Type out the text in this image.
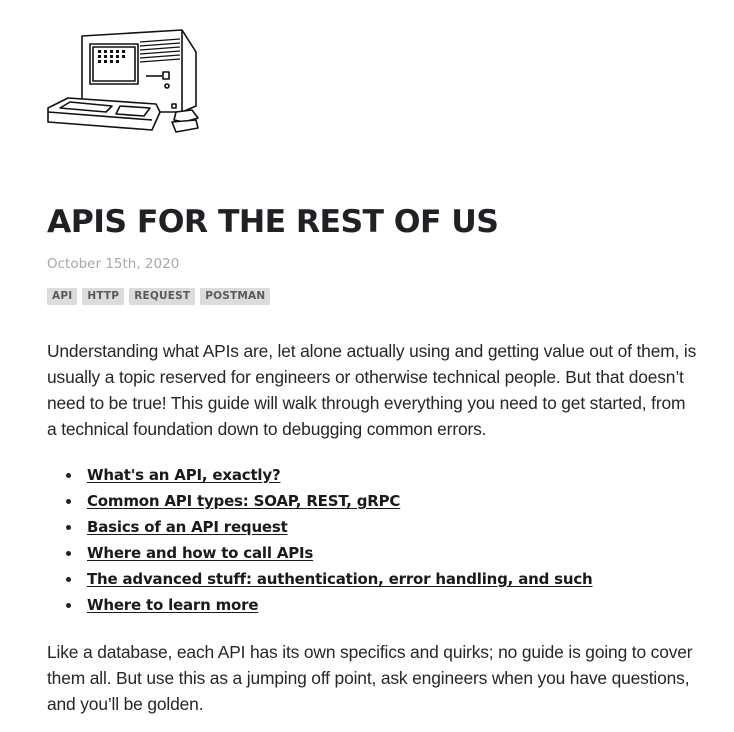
APIS FOR THE REST OF US
October 15th, 2020
API	HTTP	REQUEST	POSTMAN

Understanding what APIs are, let alone actually using and getting value out of them, is usually a topic reserved for engineers or otherwise technical people. But that doesn’t need to be true! This guide will walk through everything you need to get started, from a technical foundation down to debugging common errors.

What's an API, exactly?
Common API types: SOAP, REST, gRPC
Basics of an API request
Where and how to call APIs
The advanced stuff: authentication, error handling, and such
Where to learn more

Like a database, each API has its own specifics and quirks; no guide is going to cover them all. But use this as a jumping off point, ask engineers when you have questions, and you’ll be golden.
